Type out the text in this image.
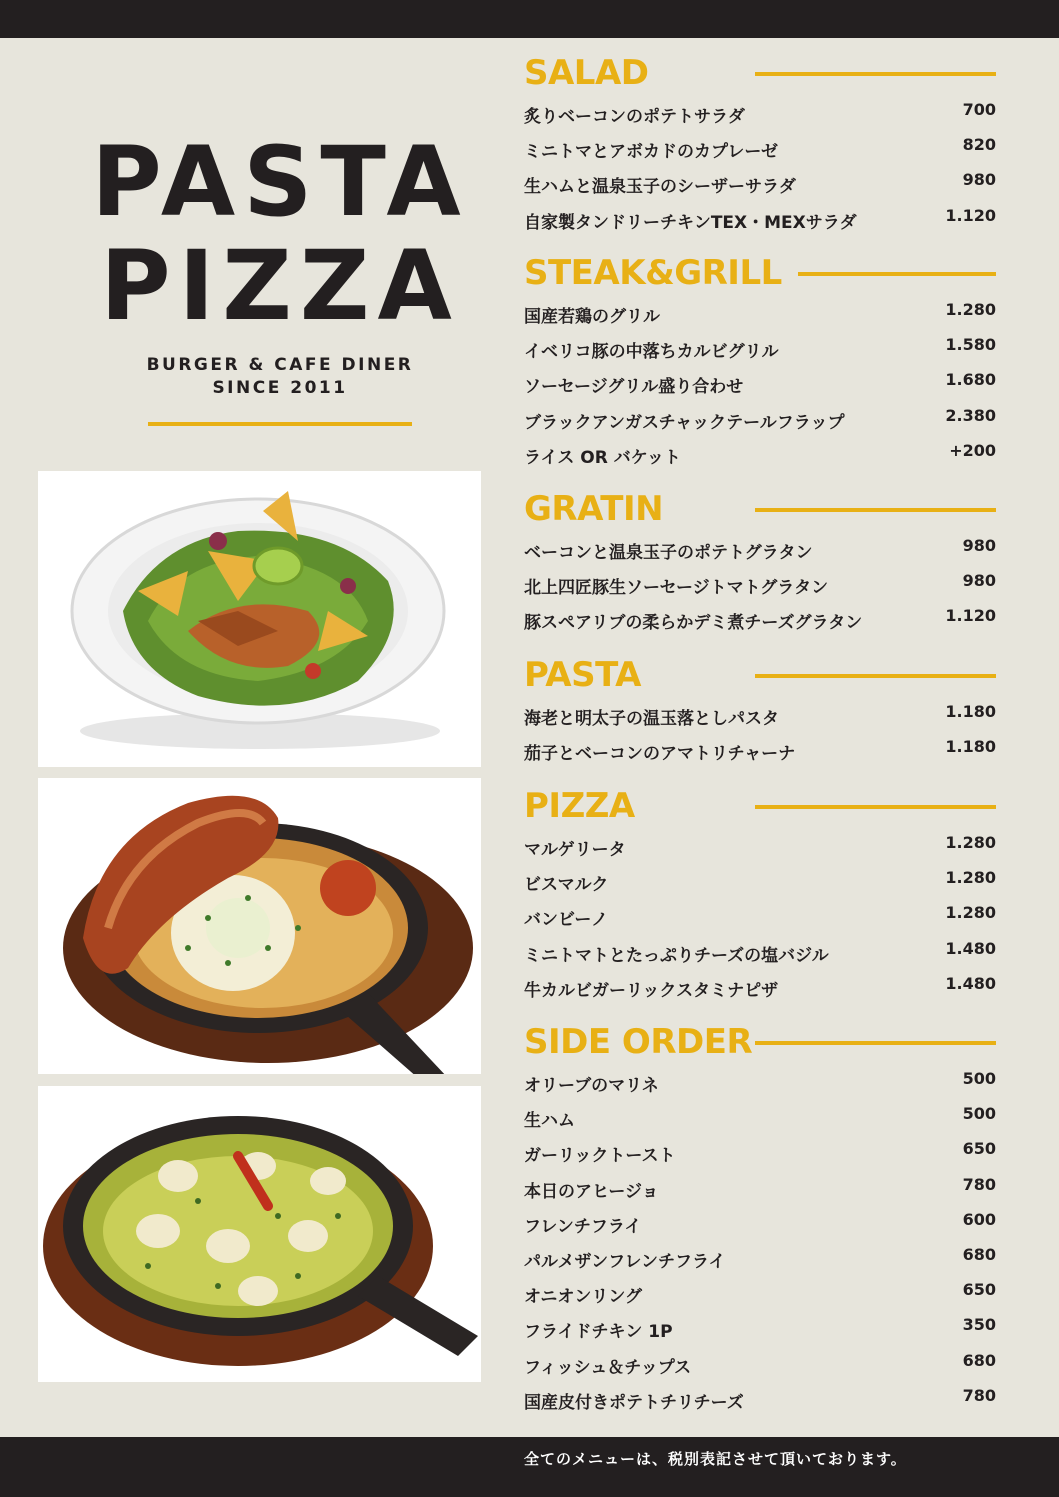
PASTA
PIZZA
BURGER & CAFE DINER
SINCE 2011
SALAD
炙りベーコンのポテトサラダ	700
ミニトマとアボカドのカプレーゼ	820
生ハムと温泉玉子のシーザーサラダ	980
自家製タンドリーチキンTEX・MEXサラダ	1.120
STEAK&GRILL
国産若鶏のグリル	1.280
イベリコ豚の中落ちカルビグリル	1.580
ソーセージグリル盛り合わせ	1.680
ブラックアンガスチャックテールフラップ	2.380
ライス OR バケット	+200
GRATIN
ベーコンと温泉玉子のポテトグラタン	980
北上四匠豚生ソーセージトマトグラタン	980
豚スペアリブの柔らかデミ煮チーズグラタン	1.120
PASTA
海老と明太子の温玉落としパスタ	1.180
茄子とベーコンのアマトリチャーナ	1.180
PIZZA
マルゲリータ	1.280
ビスマルク	1.280
バンビーノ	1.280
ミニトマトとたっぷりチーズの塩バジル	1.480
牛カルビガーリックスタミナピザ	1.480
SIDE ORDER
オリーブのマリネ	500
生ハム	500
ガーリックトースト	650
本日のアヒージョ	780
フレンチフライ	600
パルメザンフレンチフライ	680
オニオンリング	650
フライドチキン 1P	350
フィッシュ＆チップス	680
国産皮付きポテトチリチーズ	780
全てのメニューは、税別表記させて頂いております。
